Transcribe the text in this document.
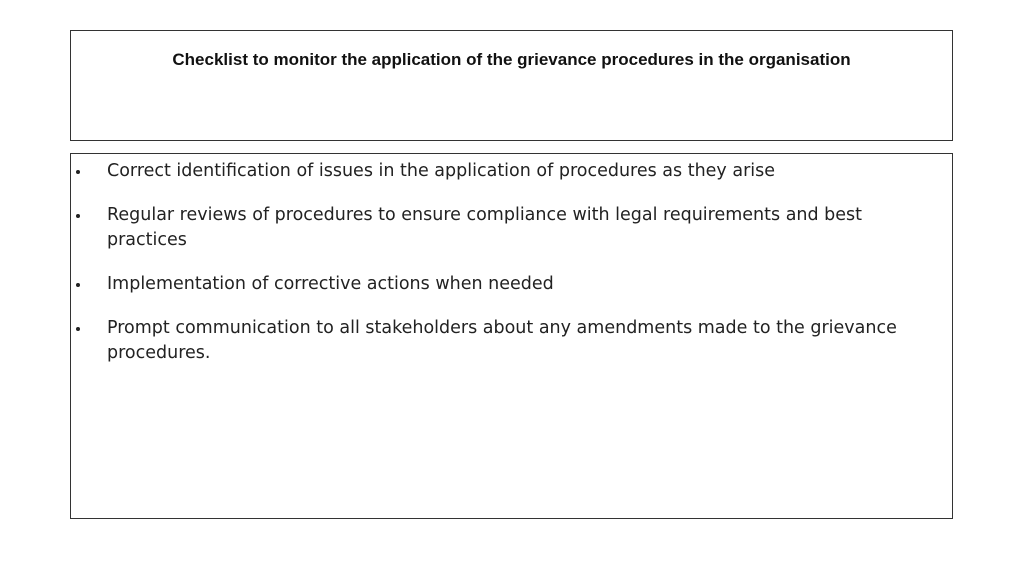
Checklist to monitor the application of the grievance procedures in the organisation
Correct identification of issues in the application of procedures as they arise
Regular reviews of procedures to ensure compliance with legal requirements and best practices
Implementation of corrective actions when needed
Prompt communication to all stakeholders about any amendments made to the grievance procedures.
